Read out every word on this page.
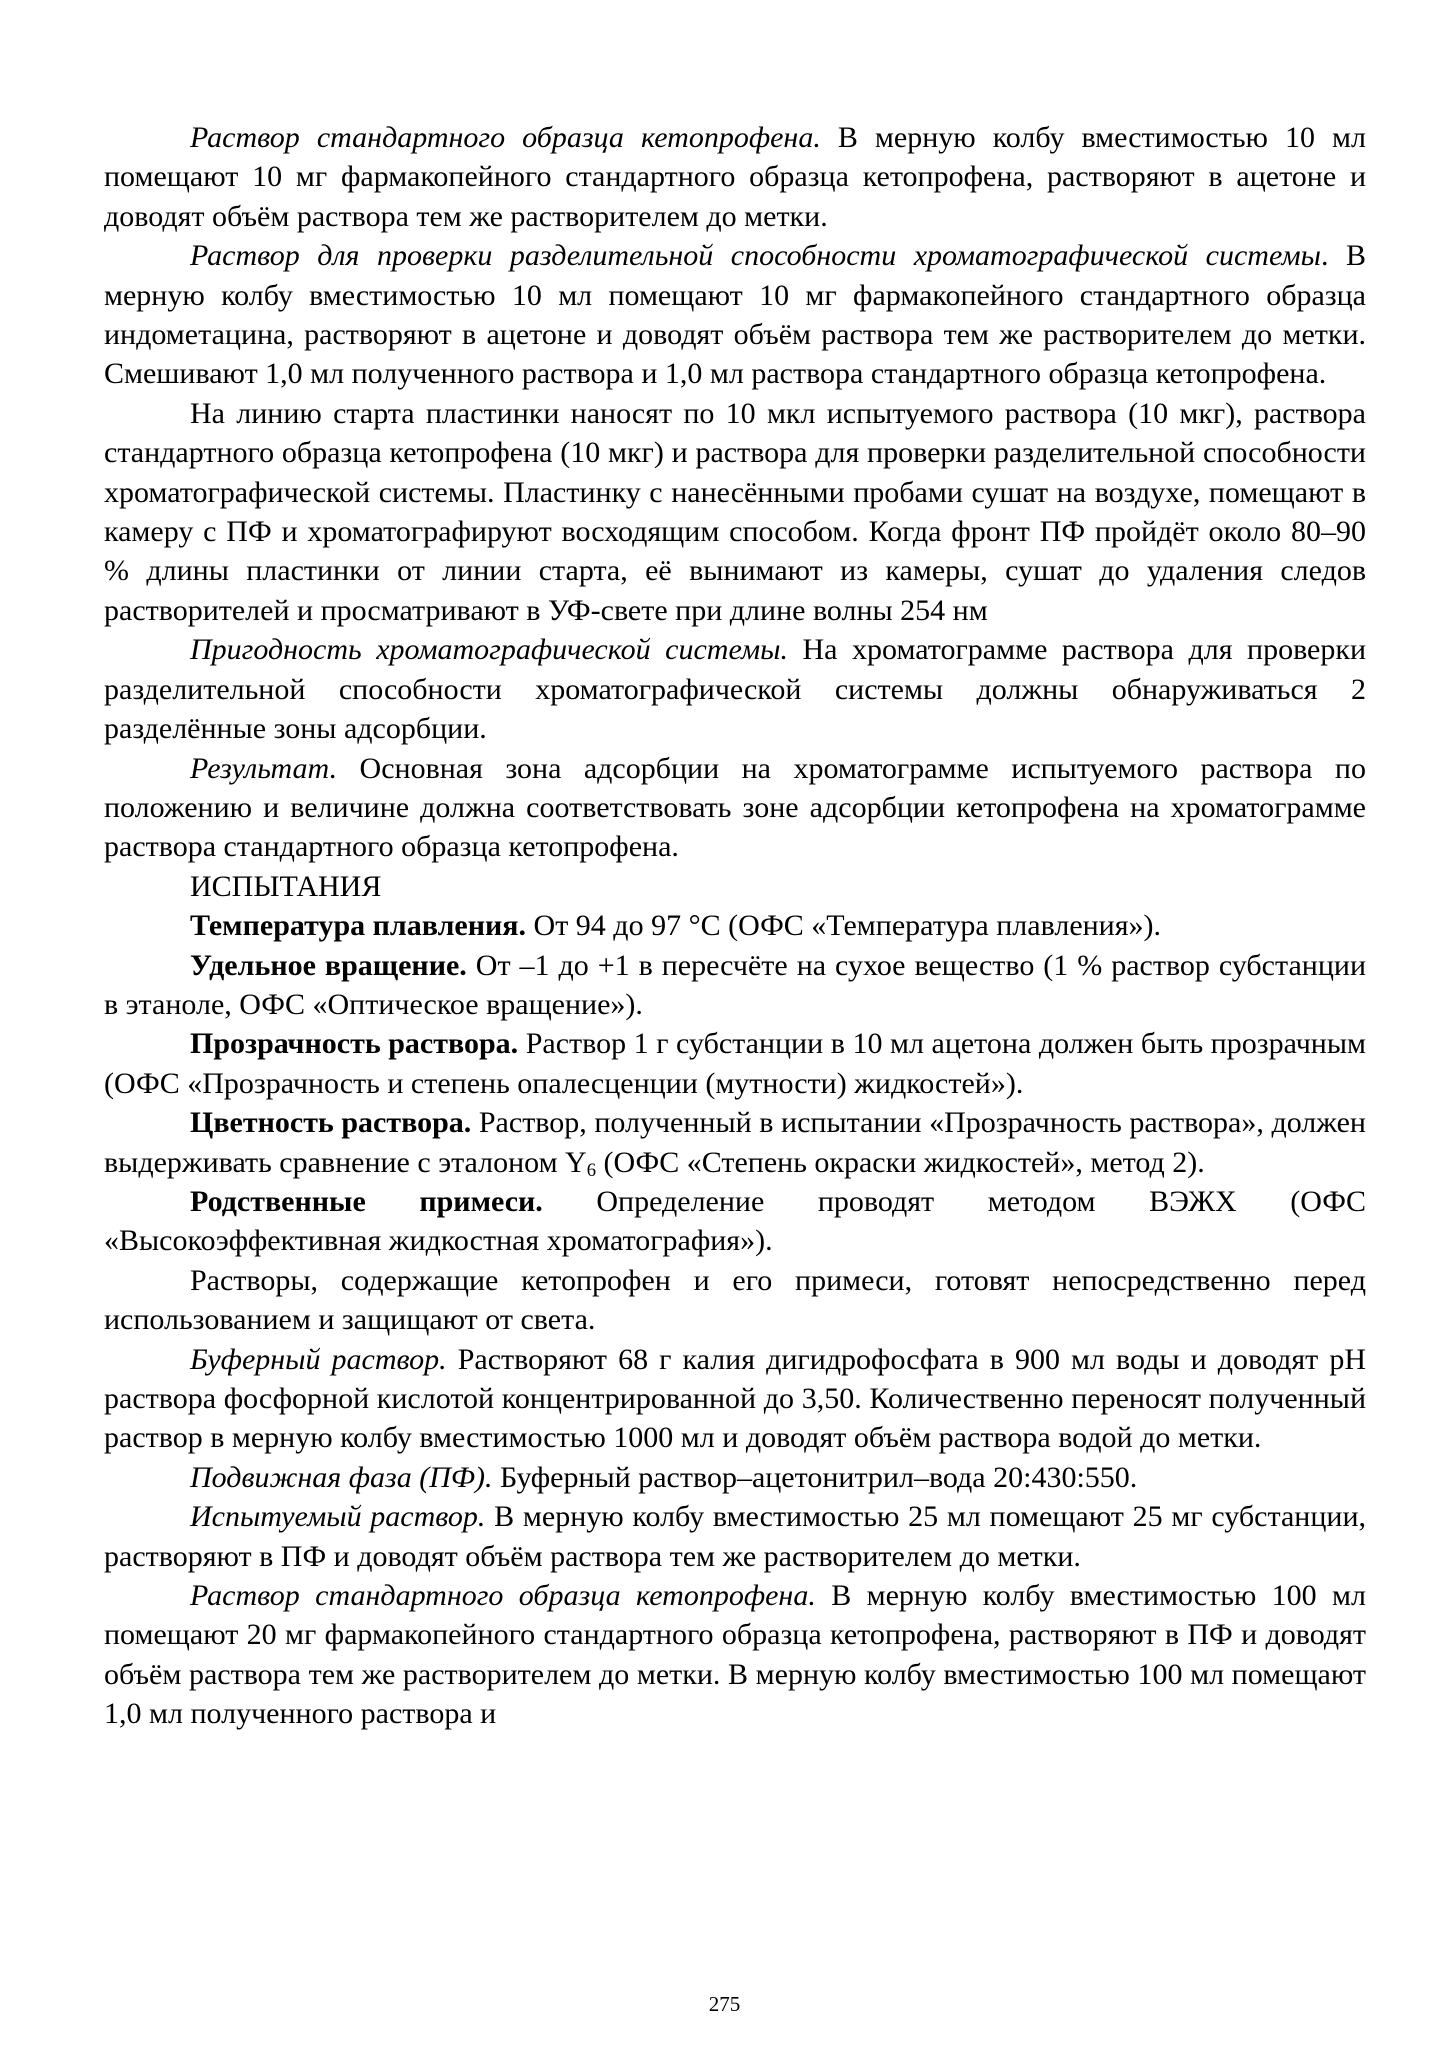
Раствор стандартного образца кетопрофена. В мерную колбу вместимостью 10 мл помещают 10 мг фармакопейного стандартного образца кетопрофена, растворяют в ацетоне и доводят объём раствора тем же растворителем до метки.

Раствор для проверки разделительной способности хроматографической системы. В мерную колбу вместимостью 10 мл помещают 10 мг фармакопейного стандартного образца индометацина, растворяют в ацетоне и доводят объём раствора тем же растворителем до метки. Смешивают 1,0 мл полученного раствора и 1,0 мл раствора стандартного образца кетопрофена.

На линию старта пластинки наносят по 10 мкл испытуемого раствора (10 мкг), раствора стандартного образца кетопрофена (10 мкг) и раствора для проверки разделительной способности хроматографической системы. Пластинку с нанесёнными пробами сушат на воздухе, помещают в камеру с ПФ и хроматографируют восходящим способом. Когда фронт ПФ пройдёт около 80–90 % длины пластинки от линии старта, её вынимают из камеры, сушат до удаления следов растворителей и просматривают в УФ-свете при длине волны 254 нм

Пригодность хроматографической системы. На хроматограмме раствора для проверки разделительной способности хроматографической системы должны обнаруживаться 2 разделённые зоны адсорбции.

Результат. Основная зона адсорбции на хроматограмме испытуемого раствора по положению и величине должна соответствовать зоне адсорбции кетопрофена на хроматограмме раствора стандартного образца кетопрофена.

ИСПЫТАНИЯ

Температура плавления. От 94 до 97 °С (ОФС «Температура плавления»).

Удельное вращение. От –1 до +1 в пересчёте на сухое вещество (1 % раствор субстанции в этаноле, ОФС «Оптическое вращение»).

Прозрачность раствора. Раствор 1 г субстанции в 10 мл ацетона должен быть прозрачным (ОФС «Прозрачность и степень опалесценции (мутности) жидкостей»).

Цветность раствора. Раствор, полученный в испытании «Прозрачность раствора», должен выдерживать сравнение с эталоном $Y_6$ (ОФС «Степень окраски жидкостей», метод 2).

Родственные примеси. Определение проводят методом ВЭЖХ (ОФС «Высокоэффективная жидкостная хроматография»).

Растворы, содержащие кетопрофен и его примеси, готовят непосредственно перед использованием и защищают от света.

Буферный раствор. Растворяют 68 г калия дигидрофосфата в 900 мл воды и доводят pH раствора фосфорной кислотой концентрированной до 3,50. Количественно переносят полученный раствор в мерную колбу вместимостью 1000 мл и доводят объём раствора водой до метки.

Подвижная фаза (ПФ). Буферный раствор–ацетонитрил–вода 20:430:550.

Испытуемый раствор. В мерную колбу вместимостью 25 мл помещают 25 мг субстанции, растворяют в ПФ и доводят объём раствора тем же растворителем до метки.

Раствор стандартного образца кетопрофена. В мерную колбу вместимостью 100 мл помещают 20 мг фармакопейного стандартного образца кетопрофена, растворяют в ПФ и доводят объём раствора тем же растворителем до метки. В мерную колбу вместимостью 100 мл помещают 1,0 мл полученного раствора и

275
